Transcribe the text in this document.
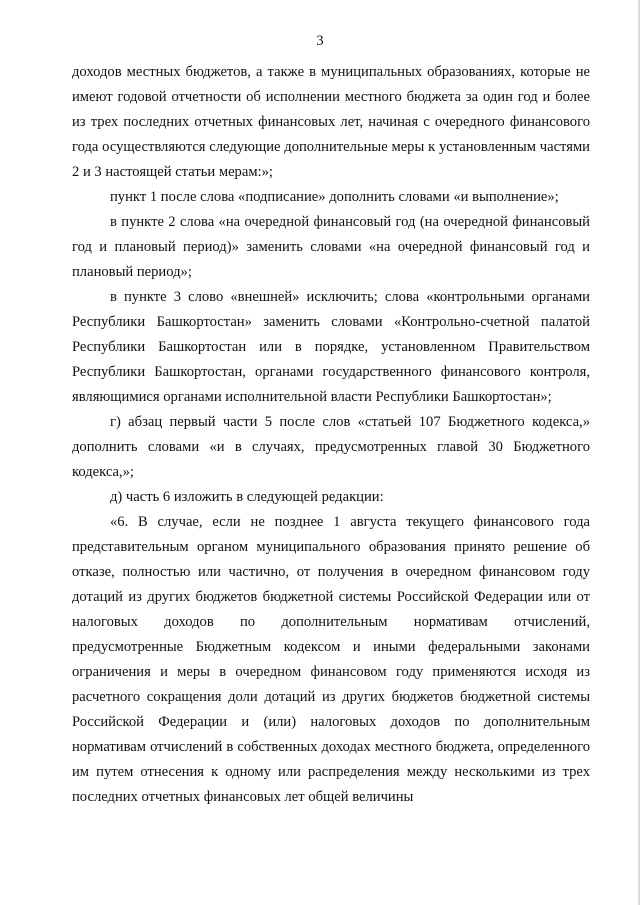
3

доходов местных бюджетов, а также в муниципальных образованиях, которые не имеют годовой отчетности об исполнении местного бюджета за один год и более из трех последних отчетных финансовых лет, начиная с очередного финансового года осуществляются следующие дополнительные меры к установленным частями 2 и 3 настоящей статьи мерам:»;

пункт 1 после слова «подписание» дополнить словами «и выполнение»;

в пункте 2 слова «на очередной финансовый год (на очередной финансовый год и плановый период)» заменить словами «на очередной финансовый год и плановый период»;

в пункте 3 слово «внешней» исключить; слова «контрольными органами Республики Башкортостан» заменить словами «Контрольно-счетной палатой Республики Башкортостан или в порядке, установленном Правительством Республики Башкортостан, органами государственного финансового контроля, являющимися органами исполнительной власти Республики Башкортостан»;

г) абзац первый части 5 после слов «статьей 107 Бюджетного кодекса,» дополнить словами «и в случаях, предусмотренных главой 30 Бюджетного кодекса,»;

д) часть 6 изложить в следующей редакции:

«6. В случае, если не позднее 1 августа текущего финансового года представительным органом муниципального образования принято решение об отказе, полностью или частично, от получения в очередном финансовом году дотаций из других бюджетов бюджетной системы Российской Федерации или от налоговых доходов по дополнительным нормативам отчислений, предусмотренные Бюджетным кодексом и иными федеральными законами ограничения и меры в очередном финансовом году применяются исходя из расчетного сокращения доли дотаций из других бюджетов бюджетной системы Российской Федерации и (или) налоговых доходов по дополнительным нормативам отчислений в собственных доходах местного бюджета, определенного им путем отнесения к одному или распределения между несколькими из трех последних отчетных финансовых лет общей величины
